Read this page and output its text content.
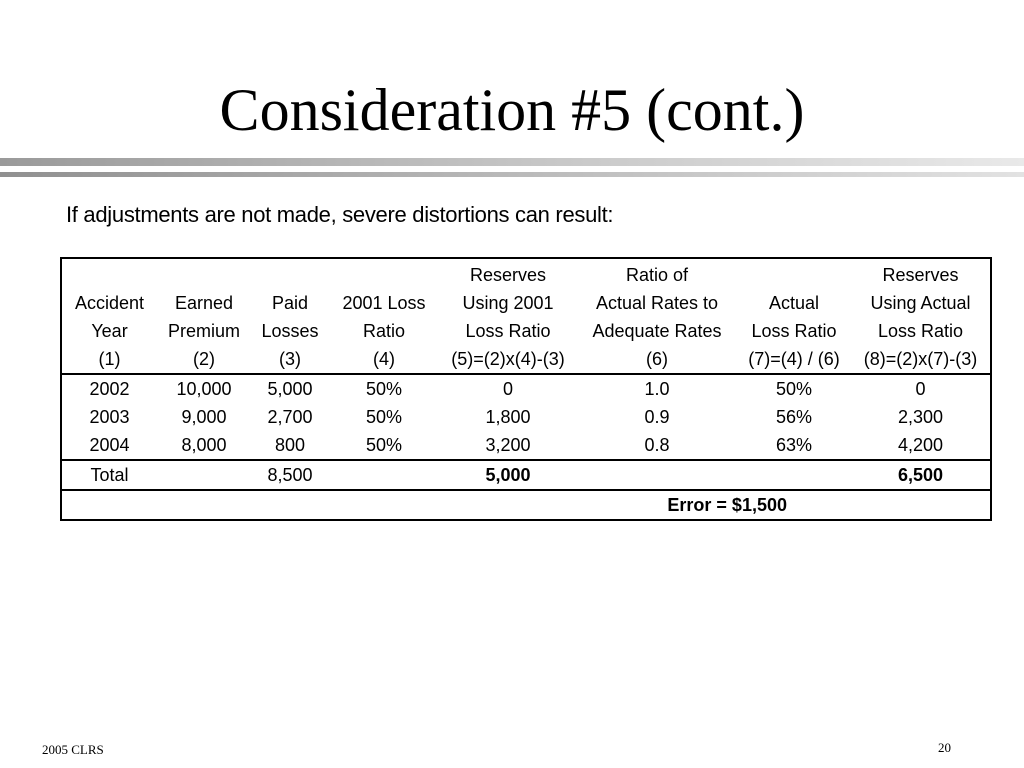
Consideration #5 (cont.)
If adjustments are not made, severe distortions can result:
				Reserves	Ratio of		Reserves
Accident	Earned	Paid	2001 Loss	Using 2001	Actual Rates to	Actual	Using Actual
Year	Premium	Losses	Ratio	Loss Ratio	Adequate Rates	Loss Ratio	Loss Ratio
(1)	(2)	(3)	(4)	(5)=(2)x(4)-(3)	(6)	(7)=(4) / (6)	(8)=(2)x(7)-(3)
2002	10,000	5,000	50%	0	1.0	50%	0
2003	9,000	2,700	50%	1,800	0.9	56%	2,300
2004	8,000	800	50%	3,200	0.8	63%	4,200
Total		8,500		5,000			6,500
				Error = $1,500			
2005 CLRS	20
